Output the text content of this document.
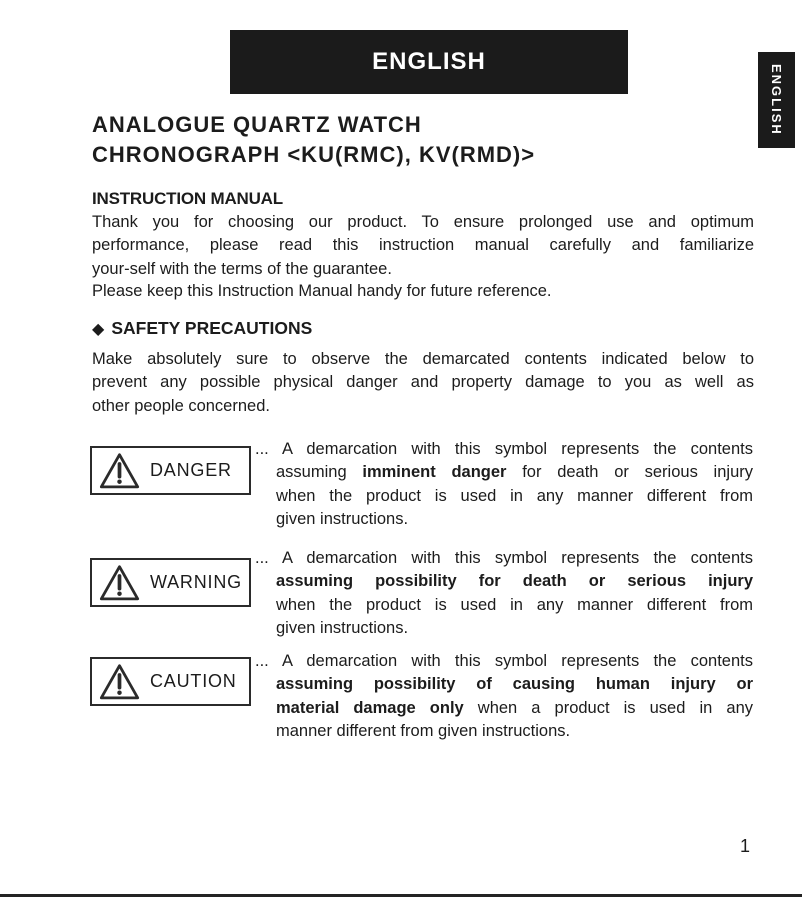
ENGLISH
ENGLISH
ANALOGUE QUARTZ WATCH
CHRONOGRAPH <KU(RMC), KV(RMD)>
INSTRUCTION MANUAL
Thank you for choosing our product. To ensure prolonged use and optimum
performance, please read this instruction manual carefully and familiarize
your-self with the terms of the guarantee.
Please keep this Instruction Manual handy for future reference.
◆ SAFETY PRECAUTIONS
Make absolutely sure to observe the demarcated contents indicated below to
prevent any possible physical danger and property damage to you as well as
other people concerned.
DANGER
... A demarcation with this symbol represents the contents
assuming imminent danger for death or serious injury
when the product is used in any manner different from
given instructions.
WARNING
... A demarcation with this symbol represents the contents
assuming possibility for death or serious injury
when the product is used in any manner different from
given instructions.
CAUTION
... A demarcation with this symbol represents the contents
assuming possibility of causing human injury or
material damage only when a product is used in any
manner different from given instructions.
1
